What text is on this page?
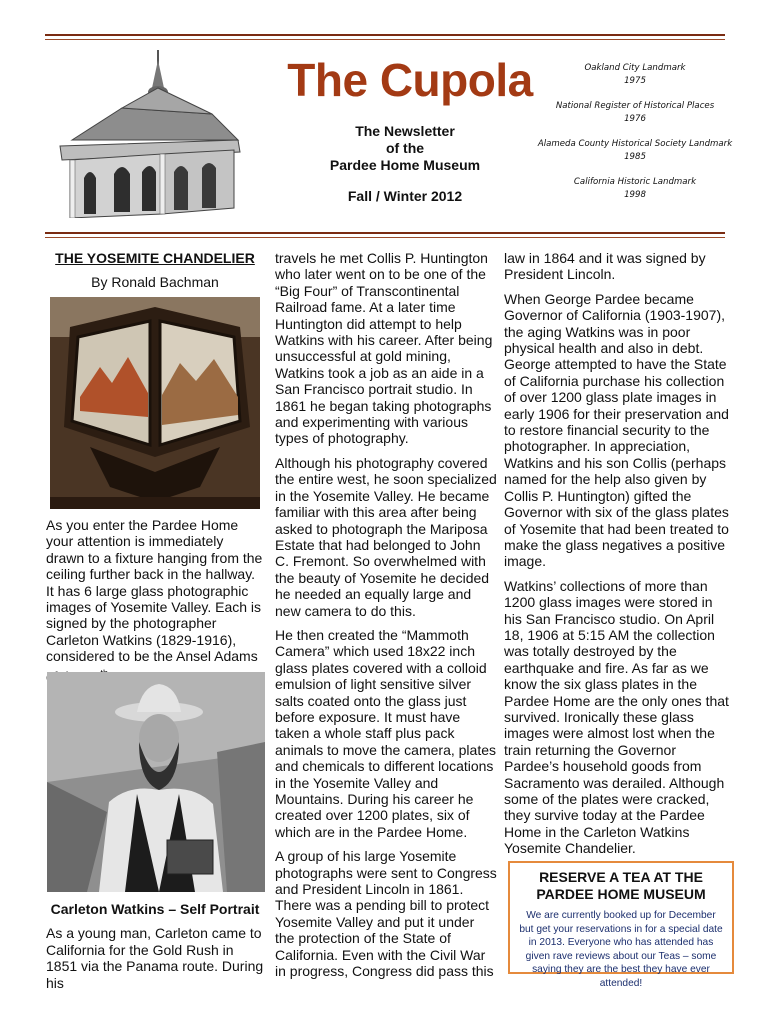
The Cupola
The Newsletter
of the
Pardee Home Museum
Fall / Winter 2012
Oakland City Landmark
1975
National Register of Historical Places
1976
Alameda County Historical Society Landmark
1985
California Historic Landmark
1998
THE YOSEMITE CHANDELIER
By Ronald Bachman

As you enter the Pardee Home your attention is immediately drawn to a fixture hanging from the ceiling further back in the hallway. It has 6 large glass photographic images of Yosemite Valley. Each is signed by the photographer Carleton Watkins (1829-1916), considered to be the Ansel Adams

Carleton Watkins – Self Portrait

As a young man, Carleton came to California for the Gold Rush in 1851 via the Panama route. During his

travels he met Collis P. Huntington who later went on to be one of the “Big Four” of Transcontinental Railroad fame. At a later time Huntington did attempt to help Watkins with his career. After being unsuccessful at gold mining, Watkins took a job as an aide in a San Francisco portrait studio. In 1861 he began taking photographs and experimenting with various types of photography.

Although his photography covered the entire west, he soon specialized in the Yosemite Valley. He became familiar with this area after being asked to photograph the Mariposa Estate that had belonged to John C. Fremont. So overwhelmed with the beauty of Yosemite he decided he needed an equally large and new camera to do this.

He then created the “Mammoth Camera” which used 18x22 inch glass plates covered with a colloid emulsion of light sensitive silver salts coated onto the glass just before exposure. It must have taken a whole staff plus pack animals to move the camera, plates and chemicals to different locations in the Yosemite Valley and Mountains. During his career he created over 1200 plates, six of which are in the Pardee Home.

A group of his large Yosemite photographs were sent to Congress and President Lincoln in 1861. There was a pending bill to protect Yosemite Valley and put it under the protection of the State of California. Even with the Civil War in progress, Congress did pass this

law in 1864 and it was signed by President Lincoln.

When George Pardee became Governor of California (1903-1907), the aging Watkins was in poor physical health and also in debt. George attempted to have the State of California purchase his collection of over 1200 glass plate images in early 1906 for their preservation and to restore financial security to the photographer. In appreciation, Watkins and his son Collis (perhaps named for the help also given by Collis P. Huntington) gifted the Governor with six of the glass plates of Yosemite that had been treated to make the glass negatives a positive image.

Watkins’ collections of more than 1200 glass images were stored in his San Francisco studio. On April 18, 1906 at 5:15 AM the collection was totally destroyed by the earthquake and fire. As far as we know the six glass plates in the Pardee Home are the only ones that survived. Ironically these glass images were almost lost when the train returning the Governor Pardee’s household goods from Sacramento was derailed. Although some of the plates were cracked, they survive today at the Pardee Home in the Carleton Watkins Yosemite Chandelier.

RESERVE A TEA AT THE
PARDEE HOME MUSEUM
We are currently booked up for December but get your reservations in for a special date in 2013. Everyone who has attended has given rave reviews about our Teas – some saying they are the best they have ever attended!
